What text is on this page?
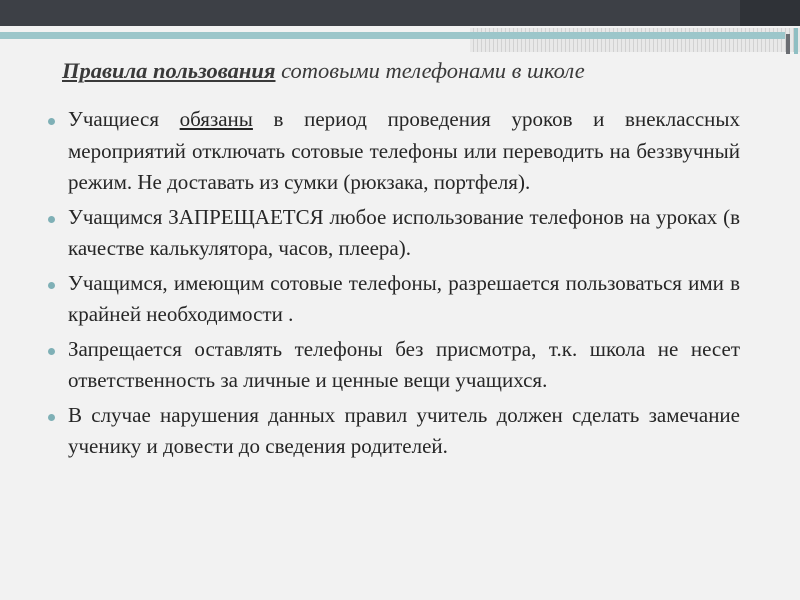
Правила пользования сотовыми телефонами в школе
Учащиеся обязаны в период проведения уроков и внеклассных мероприятий отключать сотовые телефоны или переводить на беззвучный режим. Не доставать из сумки (рюкзака, портфеля).
Учащимся ЗАПРЕЩАЕТСЯ любое использование телефонов на уроках (в качестве калькулятора, часов, плеера).
Учащимся, имеющим сотовые телефоны, разрешается пользоваться ими в крайней необходимости .
Запрещается оставлять телефоны без присмотра, т.к. школа не несет ответственность за личные и ценные вещи учащихся.
В случае нарушения данных правил учитель должен сделать замечание ученику и довести до сведения родителей.
